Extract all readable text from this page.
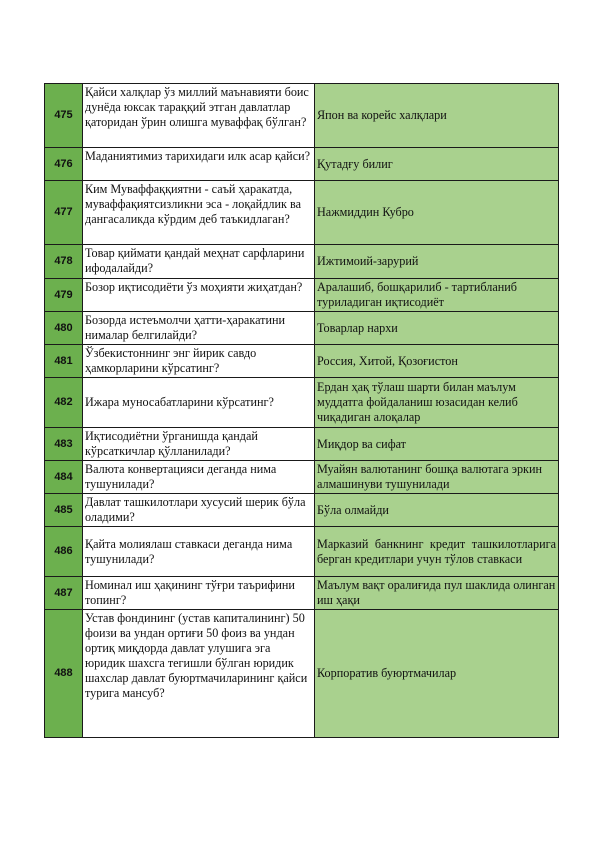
475	Қайси халқлар ўз миллий маънавияти боис дунёда юксак тараққий этган давлатлар қаторидан ўрин олишга муваффақ бўлган?	Япон ва корейс халқлари
476	Маданиятимиз тарихидаги илк асар қайси?	Қутадғу билиг
477	Ким Муваффаққиятни - саъй ҳаракатда, муваффақиятсизликни эса - лоқайдлик ва дангасаликда кўрдим деб таъкидлаган?	Нажмиддин Кубро
478	Товар қиймати қандай меҳнат сарфларини ифодалайди?	Ижтимоий-зарурий
479	Бозор иқтисодиёти ўз моҳияти жиҳатдан?	Аралашиб, бошқарилиб - тартибланиб туриладиган иқтисодиёт
480	Бозорда истеъмолчи ҳатти-ҳаракатини нималар белгилайди?	Товарлар нархи
481	Ўзбекистоннинг энг йирик савдо ҳамкорларини кўрсатинг?	Россия, Хитой, Қозоғистон
482	Ижара муносабатларини кўрсатинг?	Ердан ҳақ тўлаш шарти билан маълум муддатга фойдаланиш юзасидан келиб чиқадиган алоқалар
483	Иқтисодиётни ўрганишда қандай кўрсаткичлар қўлланилади?	Миқдор ва сифат
484	Валюта конвертацияси деганда нима тушунилади?	Муайян валютанинг бошқа валютага эркин алмашинуви тушунилади
485	Давлат ташкилотлари хусусий шерик бўла оладими?	Бўла олмайди
486	Қайта молиялаш ставкаси деганда нима тушунилади?	Марказий банкнинг кредит ташкилотларига берган кредитлари учун тўлов ставкаси
487	Номинал иш ҳақининг тўғри таърифини топинг?	Маълум вақт оралиғида пул шаклида олинган иш ҳақи
488	Устав фондининг (устав капиталининг) 50 фоизи ва ундан ортиғи 50 фоиз ва ундан ортиқ миқдорда давлат улушига эга юридик шахсга тегишли бўлган юридик шахслар давлат буюртмачиларининг қайси турига мансуб?	Корпоратив буюртмачилар
